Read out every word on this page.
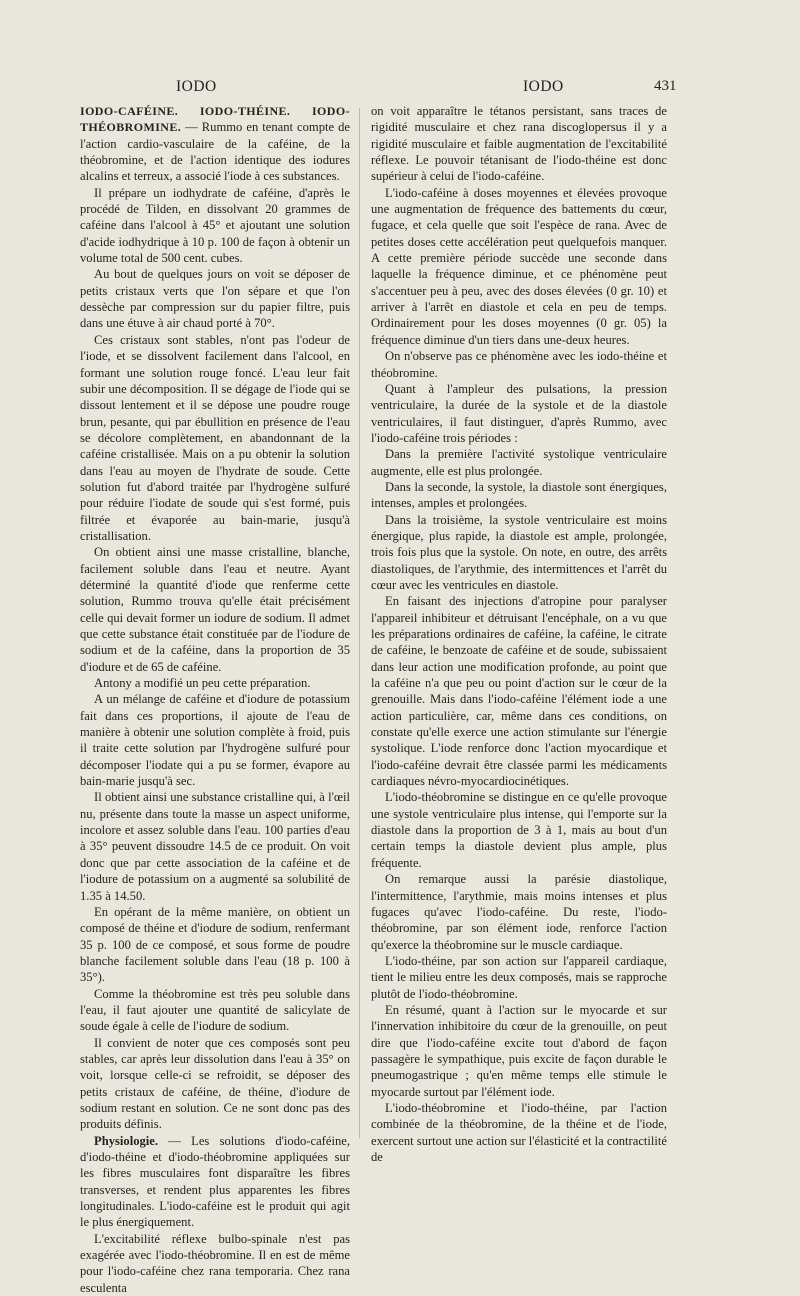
IODO	IODO	431

IODO-CAFÉINE. IODO-THÉINE. IODO-THÉOBROMINE. — Rummo en tenant compte de l'action cardio-vasculaire de la caféine, de la théobromine, et de l'action identique des iodures alcalins et terreux, a associé l'iode à ces substances.

Il prépare un iodhydrate de caféine, d'après le procédé de Tilden, en dissolvant 20 grammes de caféine dans l'alcool à 45° et ajoutant une solution d'acide iodhydrique à 10 p. 100 de façon à obtenir un volume total de 500 cent. cubes.

Au bout de quelques jours on voit se déposer de petits cristaux verts que l'on sépare et que l'on dessèche par compression sur du papier filtre, puis dans une étuve à air chaud porté à 70°.

Ces cristaux sont stables, n'ont pas l'odeur de l'iode, et se dissolvent facilement dans l'alcool, en formant une solution rouge foncé. L'eau leur fait subir une décomposition. Il se dégage de l'iode qui se dissout lentement et il se dépose une poudre rouge brun, pesante, qui par ébullition en présence de l'eau se décolore complètement, en abandonnant de la caféine cristallisée. Mais on a pu obtenir la solution dans l'eau au moyen de l'hydrate de soude. Cette solution fut d'abord traitée par l'hydrogène sulfuré pour réduire l'iodate de soude qui s'est formé, puis filtrée et évaporée au bain-marie, jusqu'à cristallisation.

On obtient ainsi une masse cristalline, blanche, facilement soluble dans l'eau et neutre. Ayant déterminé la quantité d'iode que renferme cette solution, Rummo trouva qu'elle était précisément celle qui devait former un iodure de sodium. Il admet que cette substance était constituée par de l'iodure de sodium et de la caféine, dans la proportion de 35 d'iodure et de 65 de caféine.

Antony a modifié un peu cette préparation.

A un mélange de caféine et d'iodure de potassium fait dans ces proportions, il ajoute de l'eau de manière à obtenir une solution complète à froid, puis il traite cette solution par l'hydrogène sulfuré pour décomposer l'iodate qui a pu se former, évapore au bain-marie jusqu'à sec.

Il obtient ainsi une substance cristalline qui, à l'œil nu, présente dans toute la masse un aspect uniforme, incolore et assez soluble dans l'eau. 100 parties d'eau à 35° peuvent dissoudre 14.5 de ce produit. On voit donc que par cette association de la caféine et de l'iodure de potassium on a augmenté sa solubilité de 1.35 à 14.50.

En opérant de la même manière, on obtient un composé de théine et d'iodure de sodium, renfermant 35 p. 100 de ce composé, et sous forme de poudre blanche facilement soluble dans l'eau (18 p. 100 à 35°).

Comme la théobromine est très peu soluble dans l'eau, il faut ajouter une quantité de salicylate de soude égale à celle de l'iodure de sodium.

Il convient de noter que ces composés sont peu stables, car après leur dissolution dans l'eau à 35° on voit, lorsque celle-ci se refroidit, se déposer des petits cristaux de caféine, de théine, d'iodure de sodium restant en solution. Ce ne sont donc pas des produits définis.

Physiologie. — Les solutions d'iodo-caféine, d'iodo-théine et d'iodo-théobromine appliquées sur les fibres musculaires font disparaître les fibres transverses, et rendent plus apparentes les fibres longitudinales. L'iodo-caféine est le produit qui agit le plus énergiquement.

L'excitabilité réflexe bulbo-spinale n'est pas exagérée avec l'iodo-théobromine. Il en est de même pour l'iodo-caféine chez rana temporaria. Chez rana esculenta

on voit apparaître le tétanos persistant, sans traces de rigidité musculaire et chez rana discoglopersus il y a rigidité musculaire et faible augmentation de l'excitabilité réflexe. Le pouvoir tétanisant de l'iodo-théine est donc supérieur à celui de l'iodo-caféine.

L'iodo-caféine à doses moyennes et élevées provoque une augmentation de fréquence des battements du cœur, fugace, et cela quelle que soit l'espèce de rana. Avec de petites doses cette accélération peut quelquefois manquer. A cette première période succède une seconde dans laquelle la fréquence diminue, et ce phénomène peut s'accentuer peu à peu, avec des doses élevées (0 gr. 10) et arriver à l'arrêt en diastole et cela en peu de temps. Ordinairement pour les doses moyennes (0 gr. 05) la fréquence diminue d'un tiers dans une-deux heures.

On n'observe pas ce phénomène avec les iodo-théine et théobromine.

Quant à l'ampleur des pulsations, la pression ventriculaire, la durée de la systole et de la diastole ventriculaires, il faut distinguer, d'après Rummo, avec l'iodo-caféine trois périodes :

Dans la première l'activité systolique ventriculaire augmente, elle est plus prolongée.

Dans la seconde, la systole, la diastole sont énergiques, intenses, amples et prolongées.

Dans la troisième, la systole ventriculaire est moins énergique, plus rapide, la diastole est ample, prolongée, trois fois plus que la systole. On note, en outre, des arrêts diastoliques, de l'arythmie, des intermittences et l'arrêt du cœur avec les ventricules en diastole.

En faisant des injections d'atropine pour paralyser l'appareil inhibiteur et détruisant l'encéphale, on a vu que les préparations ordinaires de caféine, la caféine, le citrate de caféine, le benzoate de caféine et de soude, subissaient dans leur action une modification profonde, au point que la caféine n'a que peu ou point d'action sur le cœur de la grenouille. Mais dans l'iodo-caféine l'élément iode a une action particulière, car, même dans ces conditions, on constate qu'elle exerce une action stimulante sur l'énergie systolique. L'iode renforce donc l'action myocardique et l'iodo-caféine devrait être classée parmi les médicaments cardiaques névro-myocardiocinétiques.

L'iodo-théobromine se distingue en ce qu'elle provoque une systole ventriculaire plus intense, qui l'emporte sur la diastole dans la proportion de 3 à 1, mais au bout d'un certain temps la diastole devient plus ample, plus fréquente.

On remarque aussi la parésie diastolique, l'intermittence, l'arythmie, mais moins intenses et plus fugaces qu'avec l'iodo-caféine. Du reste, l'iodo-théobromine, par son élément iode, renforce l'action qu'exerce la théobromine sur le muscle cardiaque.

L'iodo-théine, par son action sur l'appareil cardiaque, tient le milieu entre les deux composés, mais se rapproche plutôt de l'iodo-théobromine.

En résumé, quant à l'action sur le myocarde et sur l'innervation inhibitoire du cœur de la grenouille, on peut dire que l'iodo-caféine excite tout d'abord de façon passagère le sympathique, puis excite de façon durable le pneumogastrique ; qu'en même temps elle stimule le myocarde surtout par l'élément iode.

L'iodo-théobromine et l'iodo-théine, par l'action combinée de la théobromine, de la théine et de l'iode, exercent surtout une action sur l'élasticité et la contractilité de
